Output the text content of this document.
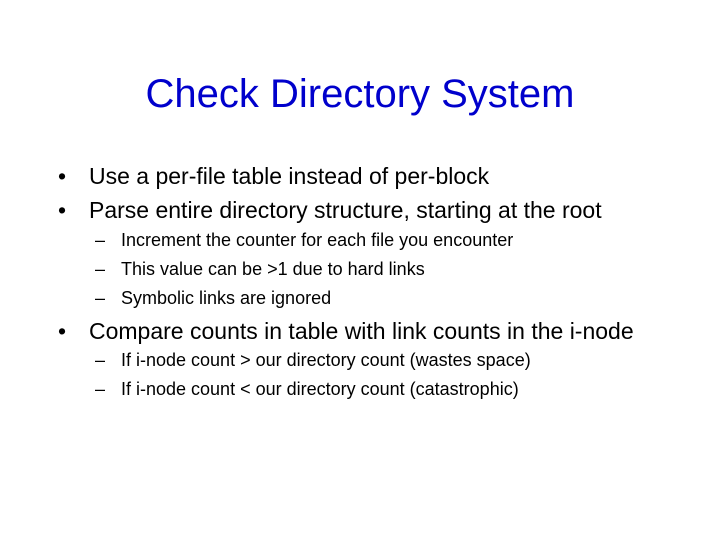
Check Directory System
• Use a per-file table instead of per-block
• Parse entire directory structure, starting at the root
– Increment the counter for each file you encounter
– This value can be >1 due to hard links
– Symbolic links are ignored
• Compare counts in table with link counts in the i-node
– If i-node count > our directory count (wastes space)
– If i-node count < our directory count (catastrophic)
